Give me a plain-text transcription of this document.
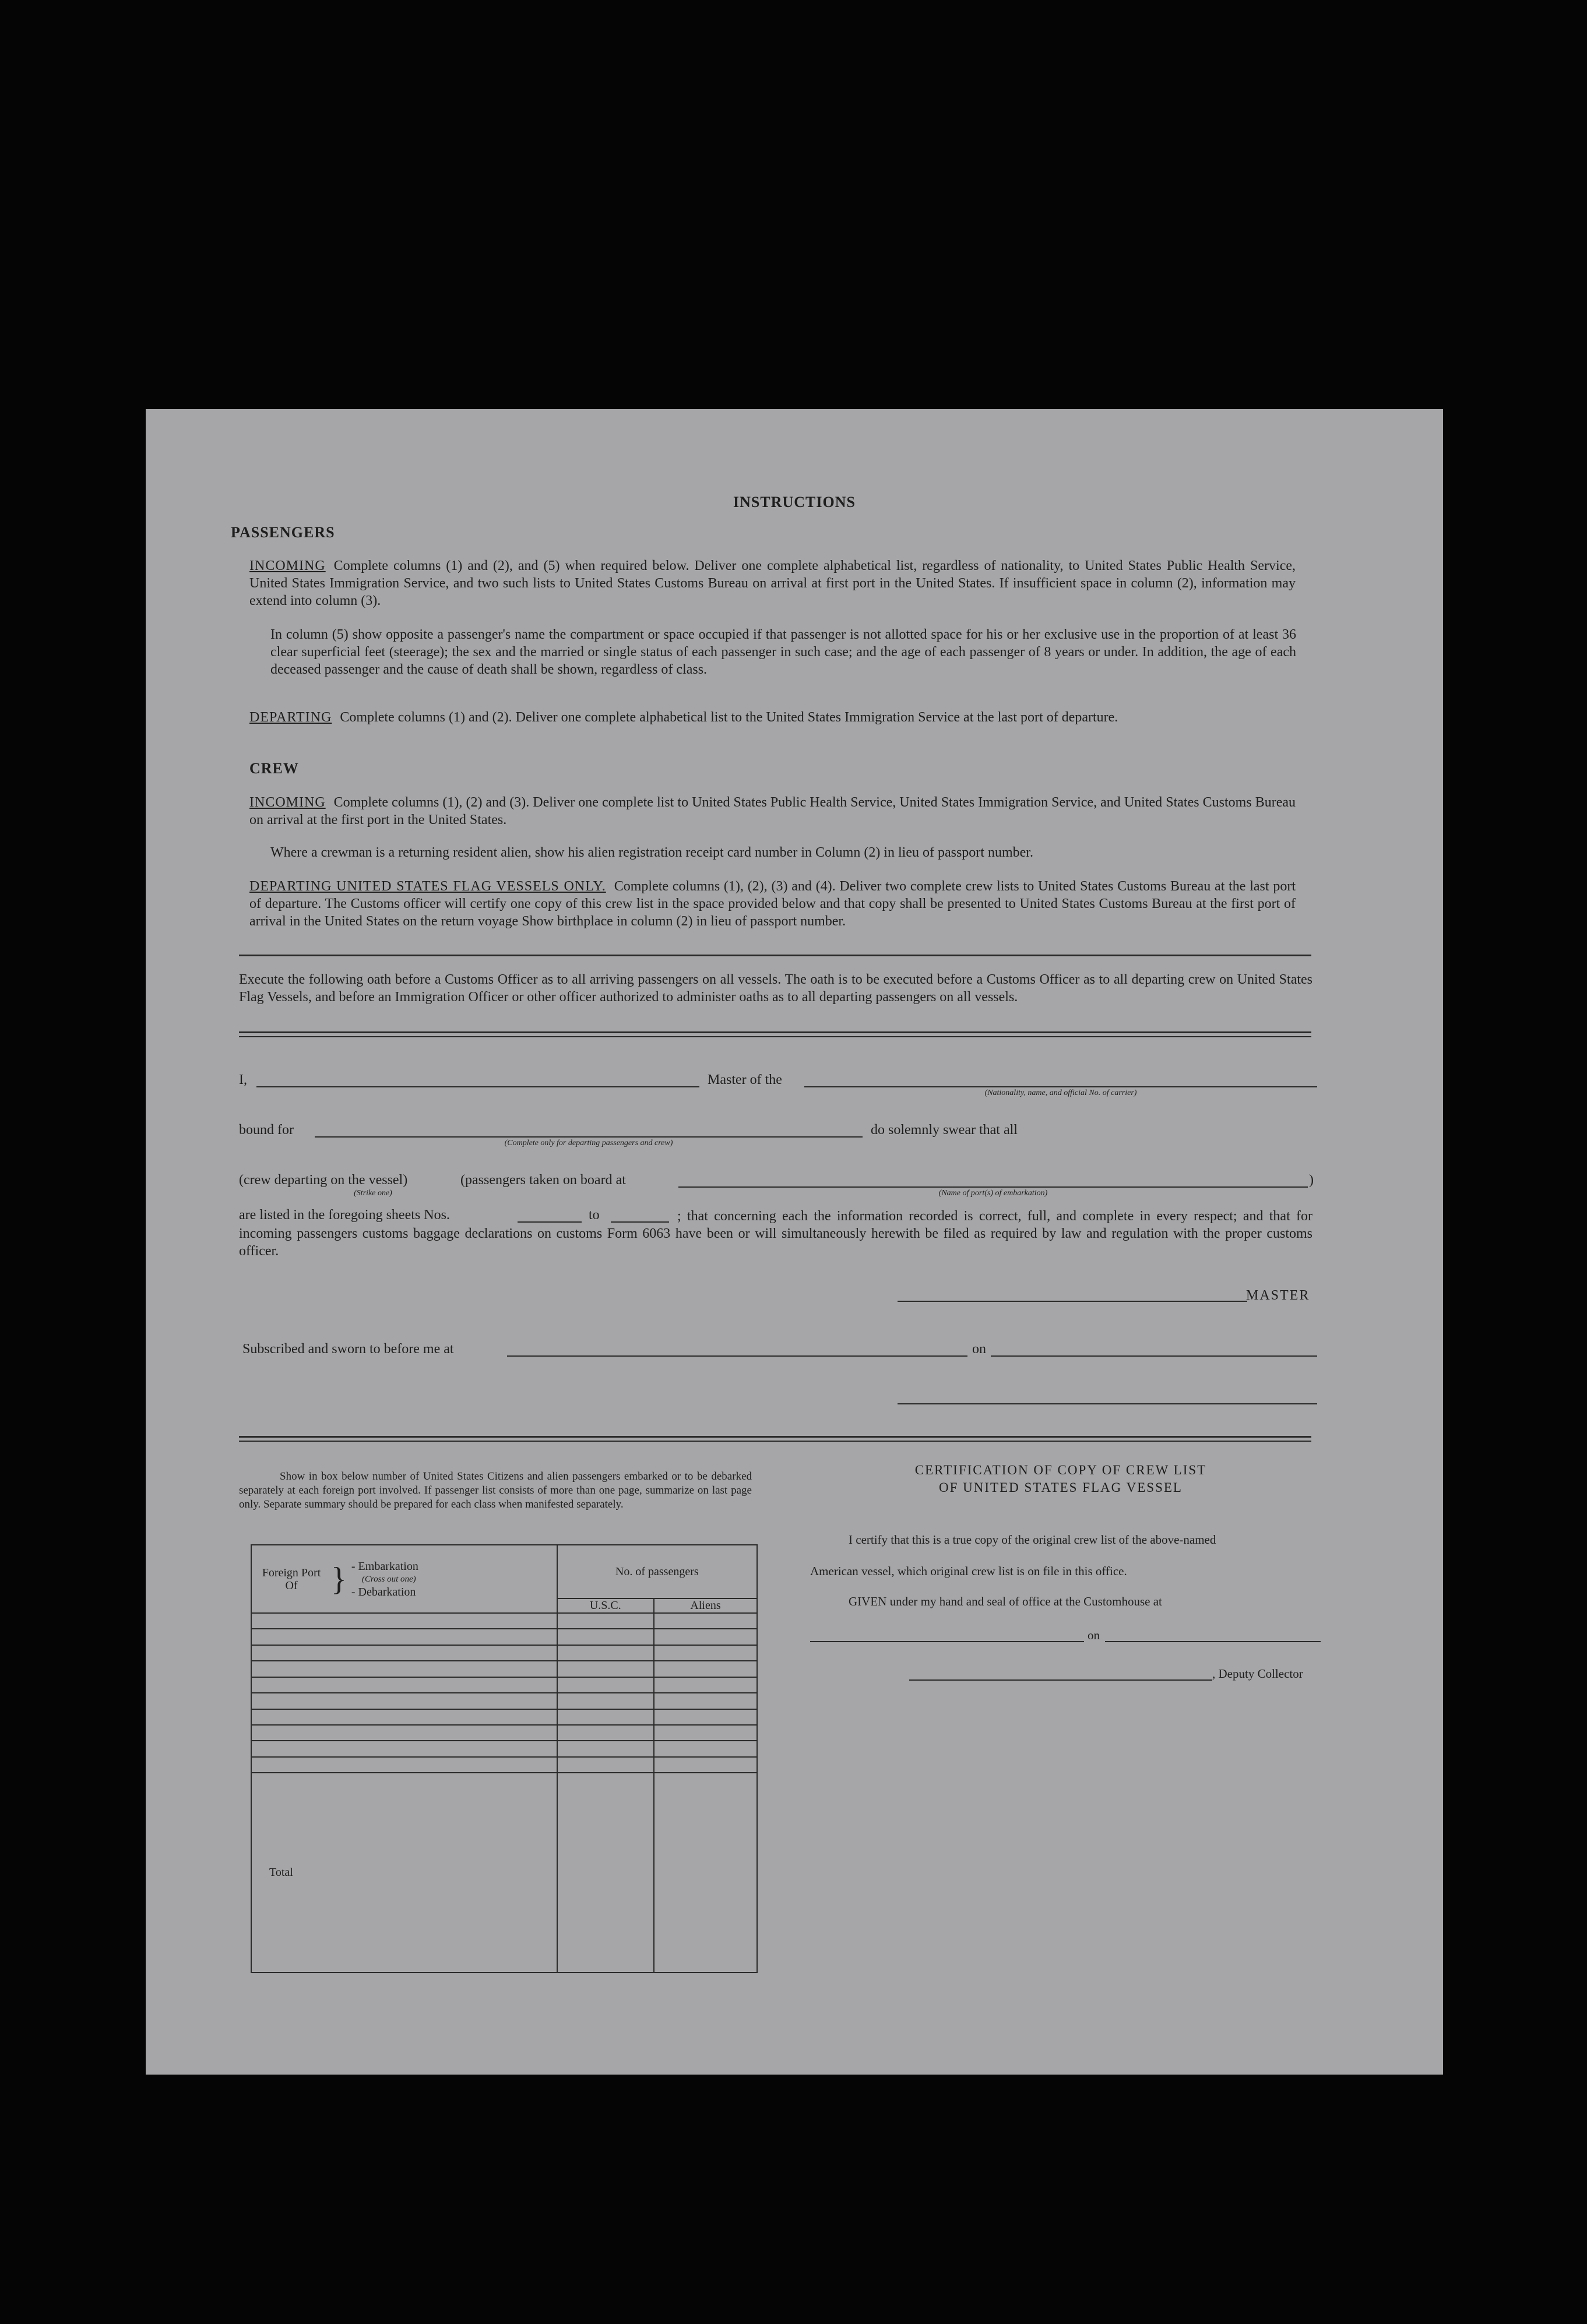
INSTRUCTIONS
PASSENGERS
INCOMING Complete columns (1) and (2), and (5) when required below. Deliver one complete alphabetical list, regardless of nationality, to United States Public Health Service, United States Immigration Service, and two such lists to United States Customs Bureau on arrival at first port in the United States. If insufficient space in column (2), information may extend into column (3).
In column (5) show opposite a passenger's name the compartment or space occupied if that passenger is not allotted space for his or her exclusive use in the proportion of at least 36 clear superficial feet (steerage); the sex and the married or single status of each passenger in such case; and the age of each passenger of 8 years or under. In addition, the age of each deceased passenger and the cause of death shall be shown, regardless of class.
DEPARTING Complete columns (1) and (2). Deliver one complete alphabetical list to the United States Immigration Service at the last port of departure.
CREW
INCOMING Complete columns (1), (2) and (3). Deliver one complete list to United States Public Health Service, United States Immigration Service, and United States Customs Bureau on arrival at the first port in the United States.
Where a crewman is a returning resident alien, show his alien registration receipt card number in Column (2) in lieu of passport number.
DEPARTING UNITED STATES FLAG VESSELS ONLY. Complete columns (1), (2), (3) and (4). Deliver two complete crew lists to United States Customs Bureau at the last port of departure. The Customs officer will certify one copy of this crew list in the space provided below and that copy shall be presented to United States Customs Bureau at the first port of arrival in the United States on the return voyage Show birthplace in column (2) in lieu of passport number.
Execute the following oath before a Customs Officer as to all arriving passengers on all vessels. The oath is to be executed before a Customs Officer as to all departing crew on United States Flag Vessels, and before an Immigration Officer or other officer authorized to administer oaths as to all departing passengers on all vessels.
I,	Master of the
(Nationality, name, and official No. of carrier)
bound for
(Complete only for departing passengers and crew)
do solemnly swear that all
(crew departing on the vessel)
(Strike one)
(passengers taken on board at	)
(Name of port(s) of embarkation)
are listed in the foregoing sheets Nos.	to	; that concerning each the information recorded is correct, full, and complete in every respect; and that for incoming passengers customs baggage declarations on customs Form 6063 have been or will simultaneously herewith be filed as required by law and regulation with the proper customs officer.
MASTER
Subscribed and sworn to before me at	on
Show in box below number of United States Citizens and alien passengers embarked or to be debarked separately at each foreign port involved. If passenger list consists of more than one page, summarize on last page only. Separate summary should be prepared for each class when manifested separately.
Foreign Port Of } - Embarkation
(Cross out one)
- Debarkation	No. of passengers	
	U.S.C.	Aliens

Total		
CERTIFICATION OF COPY OF CREW LIST
OF UNITED STATES FLAG VESSEL
I certify that this is a true copy of the original crew list of the above-named
American vessel, which original crew list is on file in this office.
GIVEN under my hand and seal of office at the Customhouse at
on
, Deputy Collector
